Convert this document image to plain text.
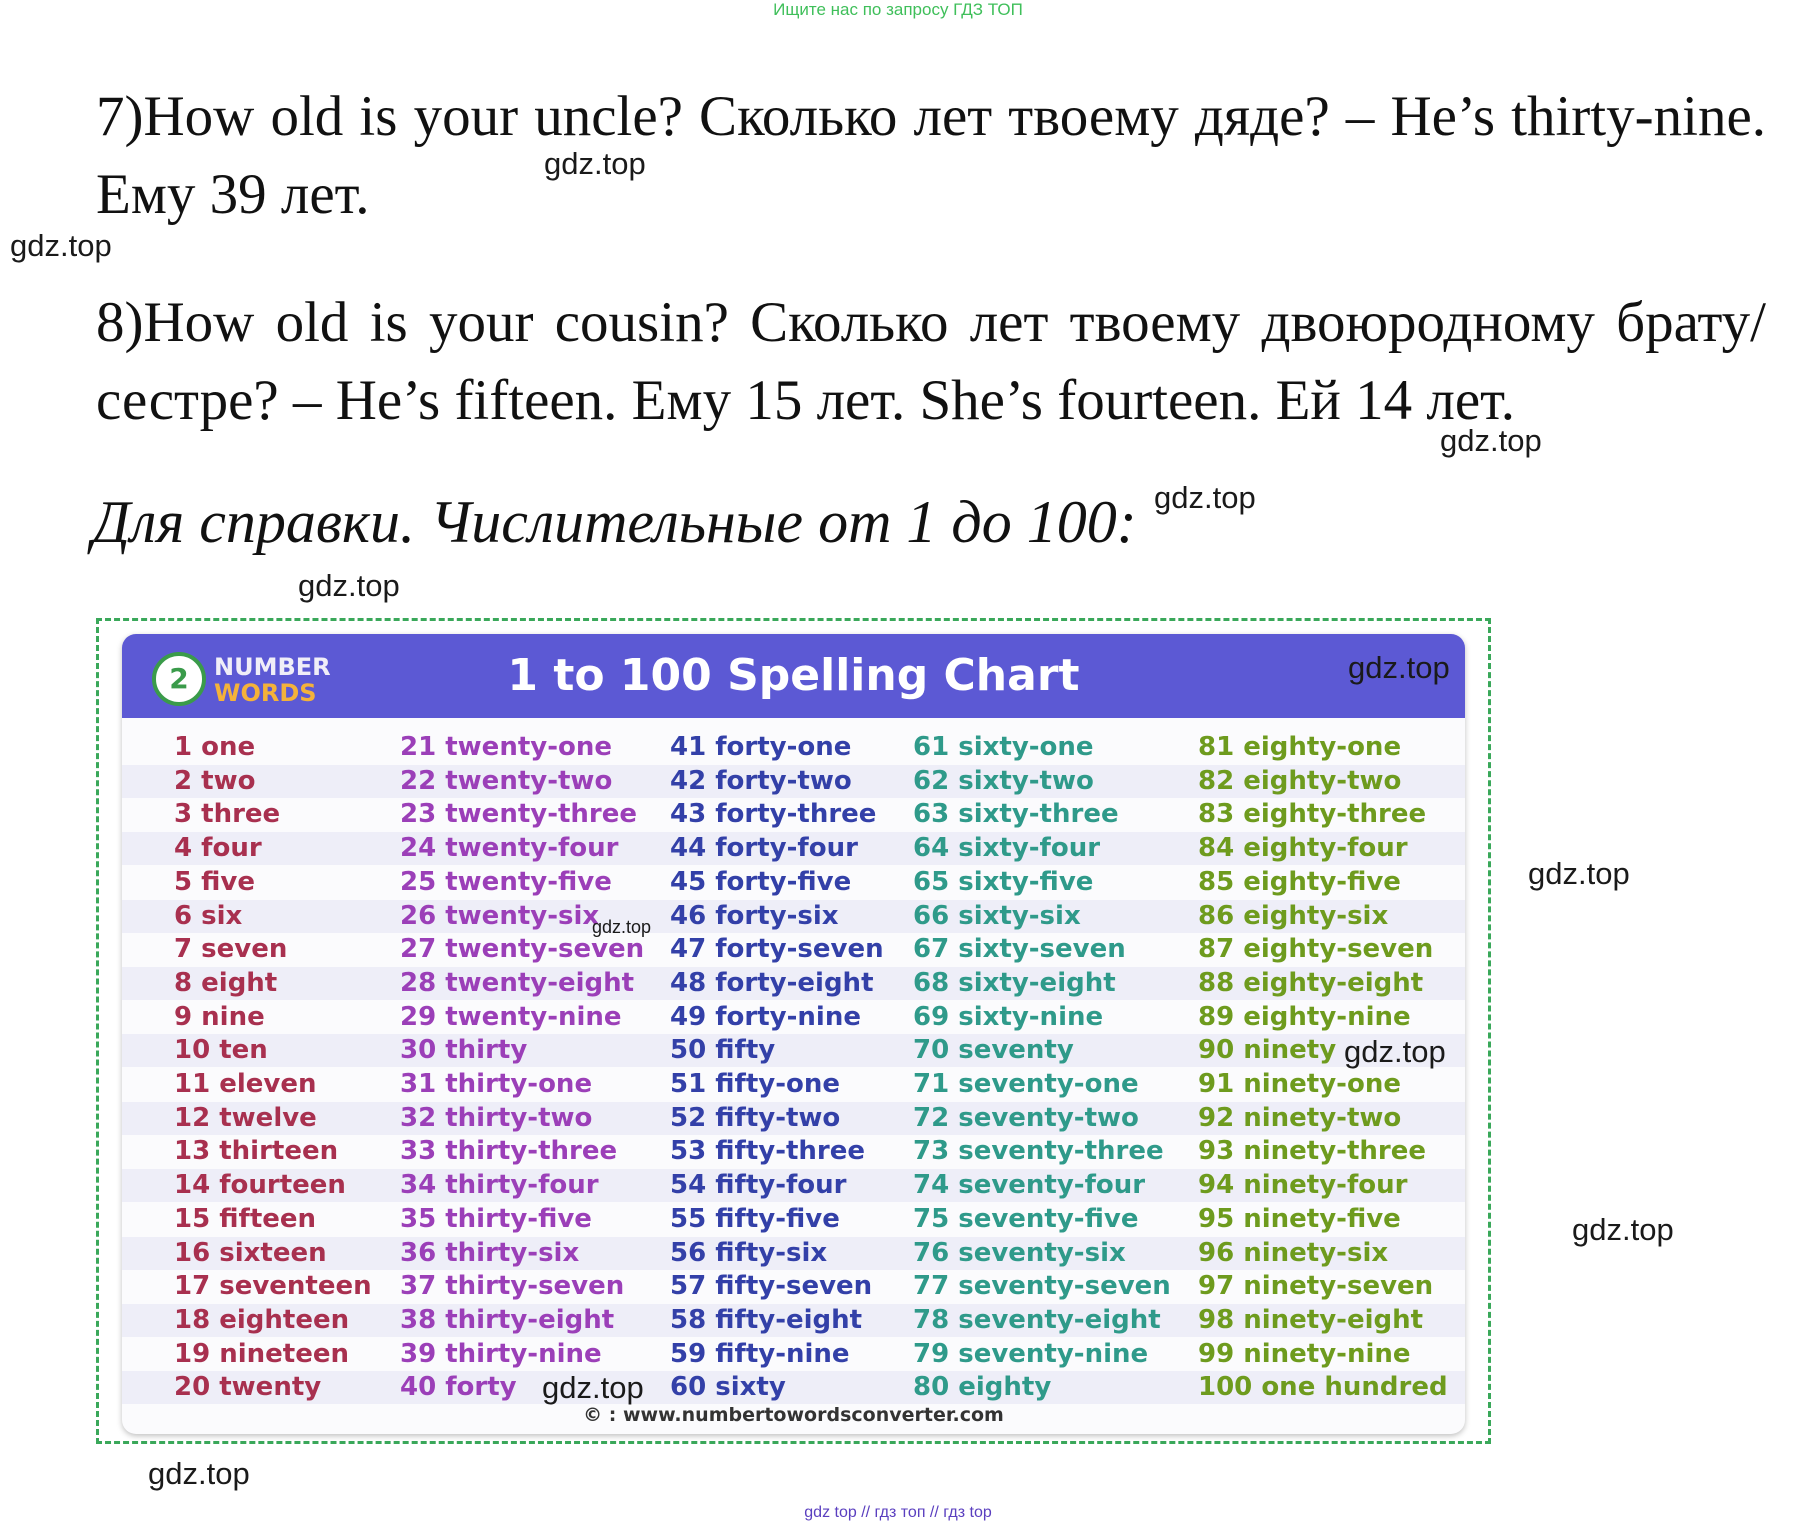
Ищите нас по запросу ГДЗ ТОП
7)How old is your uncle? Сколько лет твоему дяде? – He’s thirty-nine. Ему 39 лет.
8)How old is your cousin? Сколько лет твоему двоюродному брату/сестре? – He’s fifteen. Ему 15 лет. She’s fourteen. Ей 14 лет.
Для справки. Числительные от 1 до 100:
gdz.top
gdz.top
gdz.top
gdz.top
gdz.top
2	NUMBER
WORDS	1 to 100 Spelling Chart
1 one
2 two
3 three
4 four
5 five
6 six
7 seven
8 eight
9 nine
10 ten
11 eleven
12 twelve
13 thirteen
14 fourteen
15 fifteen
16 sixteen
17 seventeen
18 eighteen
19 nineteen
20 twenty
21 twenty-one
22 twenty-two
23 twenty-three
24 twenty-four
25 twenty-five
26 twenty-six
27 twenty-seven
28 twenty-eight
29 twenty-nine
30 thirty
31 thirty-one
32 thirty-two
33 thirty-three
34 thirty-four
35 thirty-five
36 thirty-six
37 thirty-seven
38 thirty-eight
39 thirty-nine
40 forty
41 forty-one
42 forty-two
43 forty-three
44 forty-four
45 forty-five
46 forty-six
47 forty-seven
48 forty-eight
49 forty-nine
50 fifty
51 fifty-one
52 fifty-two
53 fifty-three
54 fifty-four
55 fifty-five
56 fifty-six
57 fifty-seven
58 fifty-eight
59 fifty-nine
60 sixty
61 sixty-one
62 sixty-two
63 sixty-three
64 sixty-four
65 sixty-five
66 sixty-six
67 sixty-seven
68 sixty-eight
69 sixty-nine
70 seventy
71 seventy-one
72 seventy-two
73 seventy-three
74 seventy-four
75 seventy-five
76 seventy-six
77 seventy-seven
78 seventy-eight
79 seventy-nine
80 eighty
81 eighty-one
82 eighty-two
83 eighty-three
84 eighty-four
85 eighty-five
86 eighty-six
87 eighty-seven
88 eighty-eight
89 eighty-nine
90 ninety
91 ninety-one
92 ninety-two
93 ninety-three
94 ninety-four
95 ninety-five
96 ninety-six
97 ninety-seven
98 ninety-eight
99 ninety-nine
100 one hundred
© : www.numbertowordsconverter.com
gdz.top
gdz.top
gdz.top
gdz.top
gdz.top
gdz.top
gdz.top
gdz top // гдз топ // гдз top
